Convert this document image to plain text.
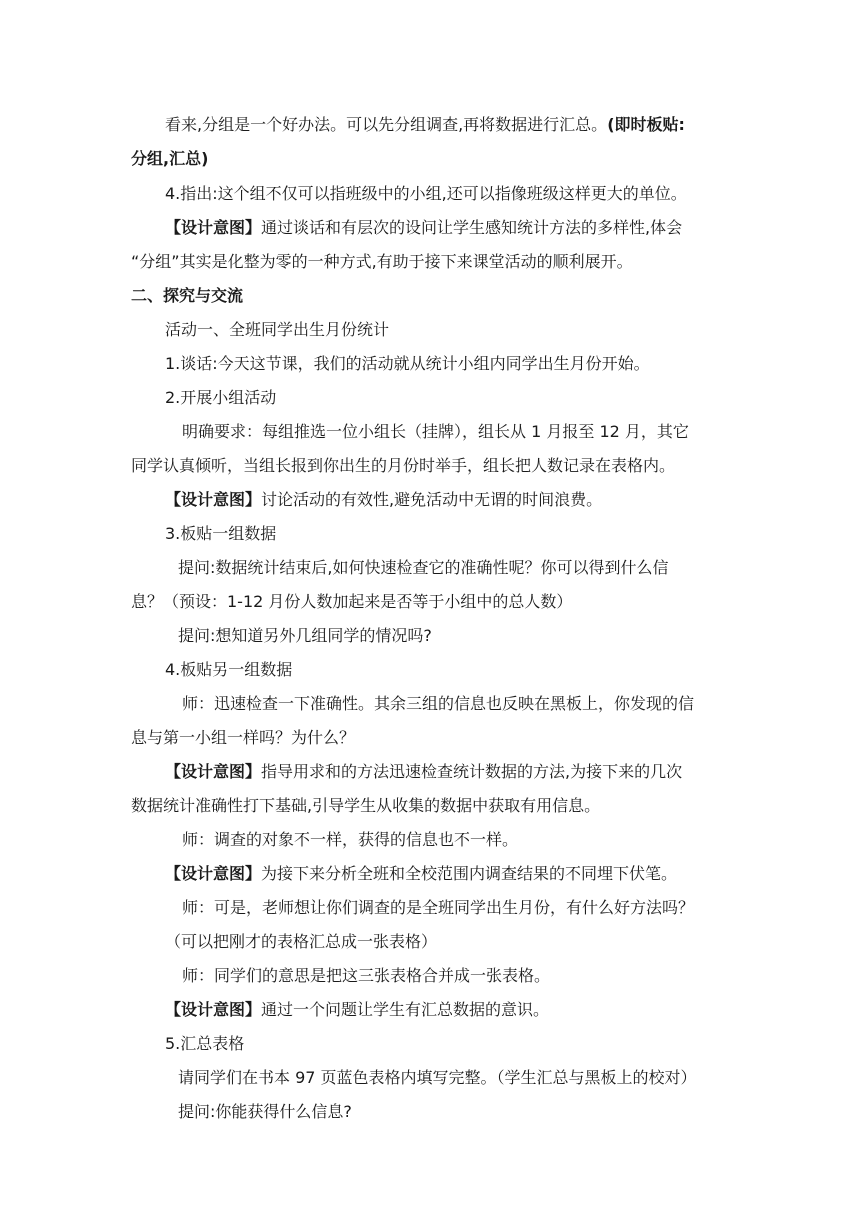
看来,分组是一个好办法。可以先分组调查,再将数据进行汇总。(即时板贴:

分组,汇总)

4.指出:这个组不仅可以指班级中的小组,还可以指像班级这样更大的单位。

【设计意图】通过谈话和有层次的设问让学生感知统计方法的多样性,体会

“分组”其实是化整为零的一种方式,有助于接下来课堂活动的顺利展开。

二、探究与交流

活动一、全班同学出生月份统计

1.谈话:今天这节课，我们的活动就从统计小组内同学出生月份开始。

2.开展小组活动

明确要求：每组推选一位小组长（挂牌），组长从 1 月报至 12 月，其它

同学认真倾听，当组长报到你出生的月份时举手，组长把人数记录在表格内。

【设计意图】讨论活动的有效性,避免活动中无谓的时间浪费。

3.板贴一组数据

提问:数据统计结束后,如何快速检查它的准确性呢？你可以得到什么信

息？（预设：1-12 月份人数加起来是否等于小组中的总人数）

提问:想知道另外几组同学的情况吗?

4.板贴另一组数据

师：迅速检查一下准确性。其余三组的信息也反映在黑板上，你发现的信

息与第一小组一样吗？为什么？

【设计意图】指导用求和的方法迅速检查统计数据的方法,为接下来的几次

数据统计准确性打下基础,引导学生从收集的数据中获取有用信息。

师：调查的对象不一样，获得的信息也不一样。

【设计意图】为接下来分析全班和全校范围内调查结果的不同埋下伏笔。

师：可是，老师想让你们调查的是全班同学出生月份，有什么好方法吗？

（可以把刚才的表格汇总成一张表格）

师：同学们的意思是把这三张表格合并成一张表格。

【设计意图】通过一个问题让学生有汇总数据的意识。

5.汇总表格

请同学们在书本 97 页蓝色表格内填写完整。（学生汇总与黑板上的校对）

提问:你能获得什么信息?
